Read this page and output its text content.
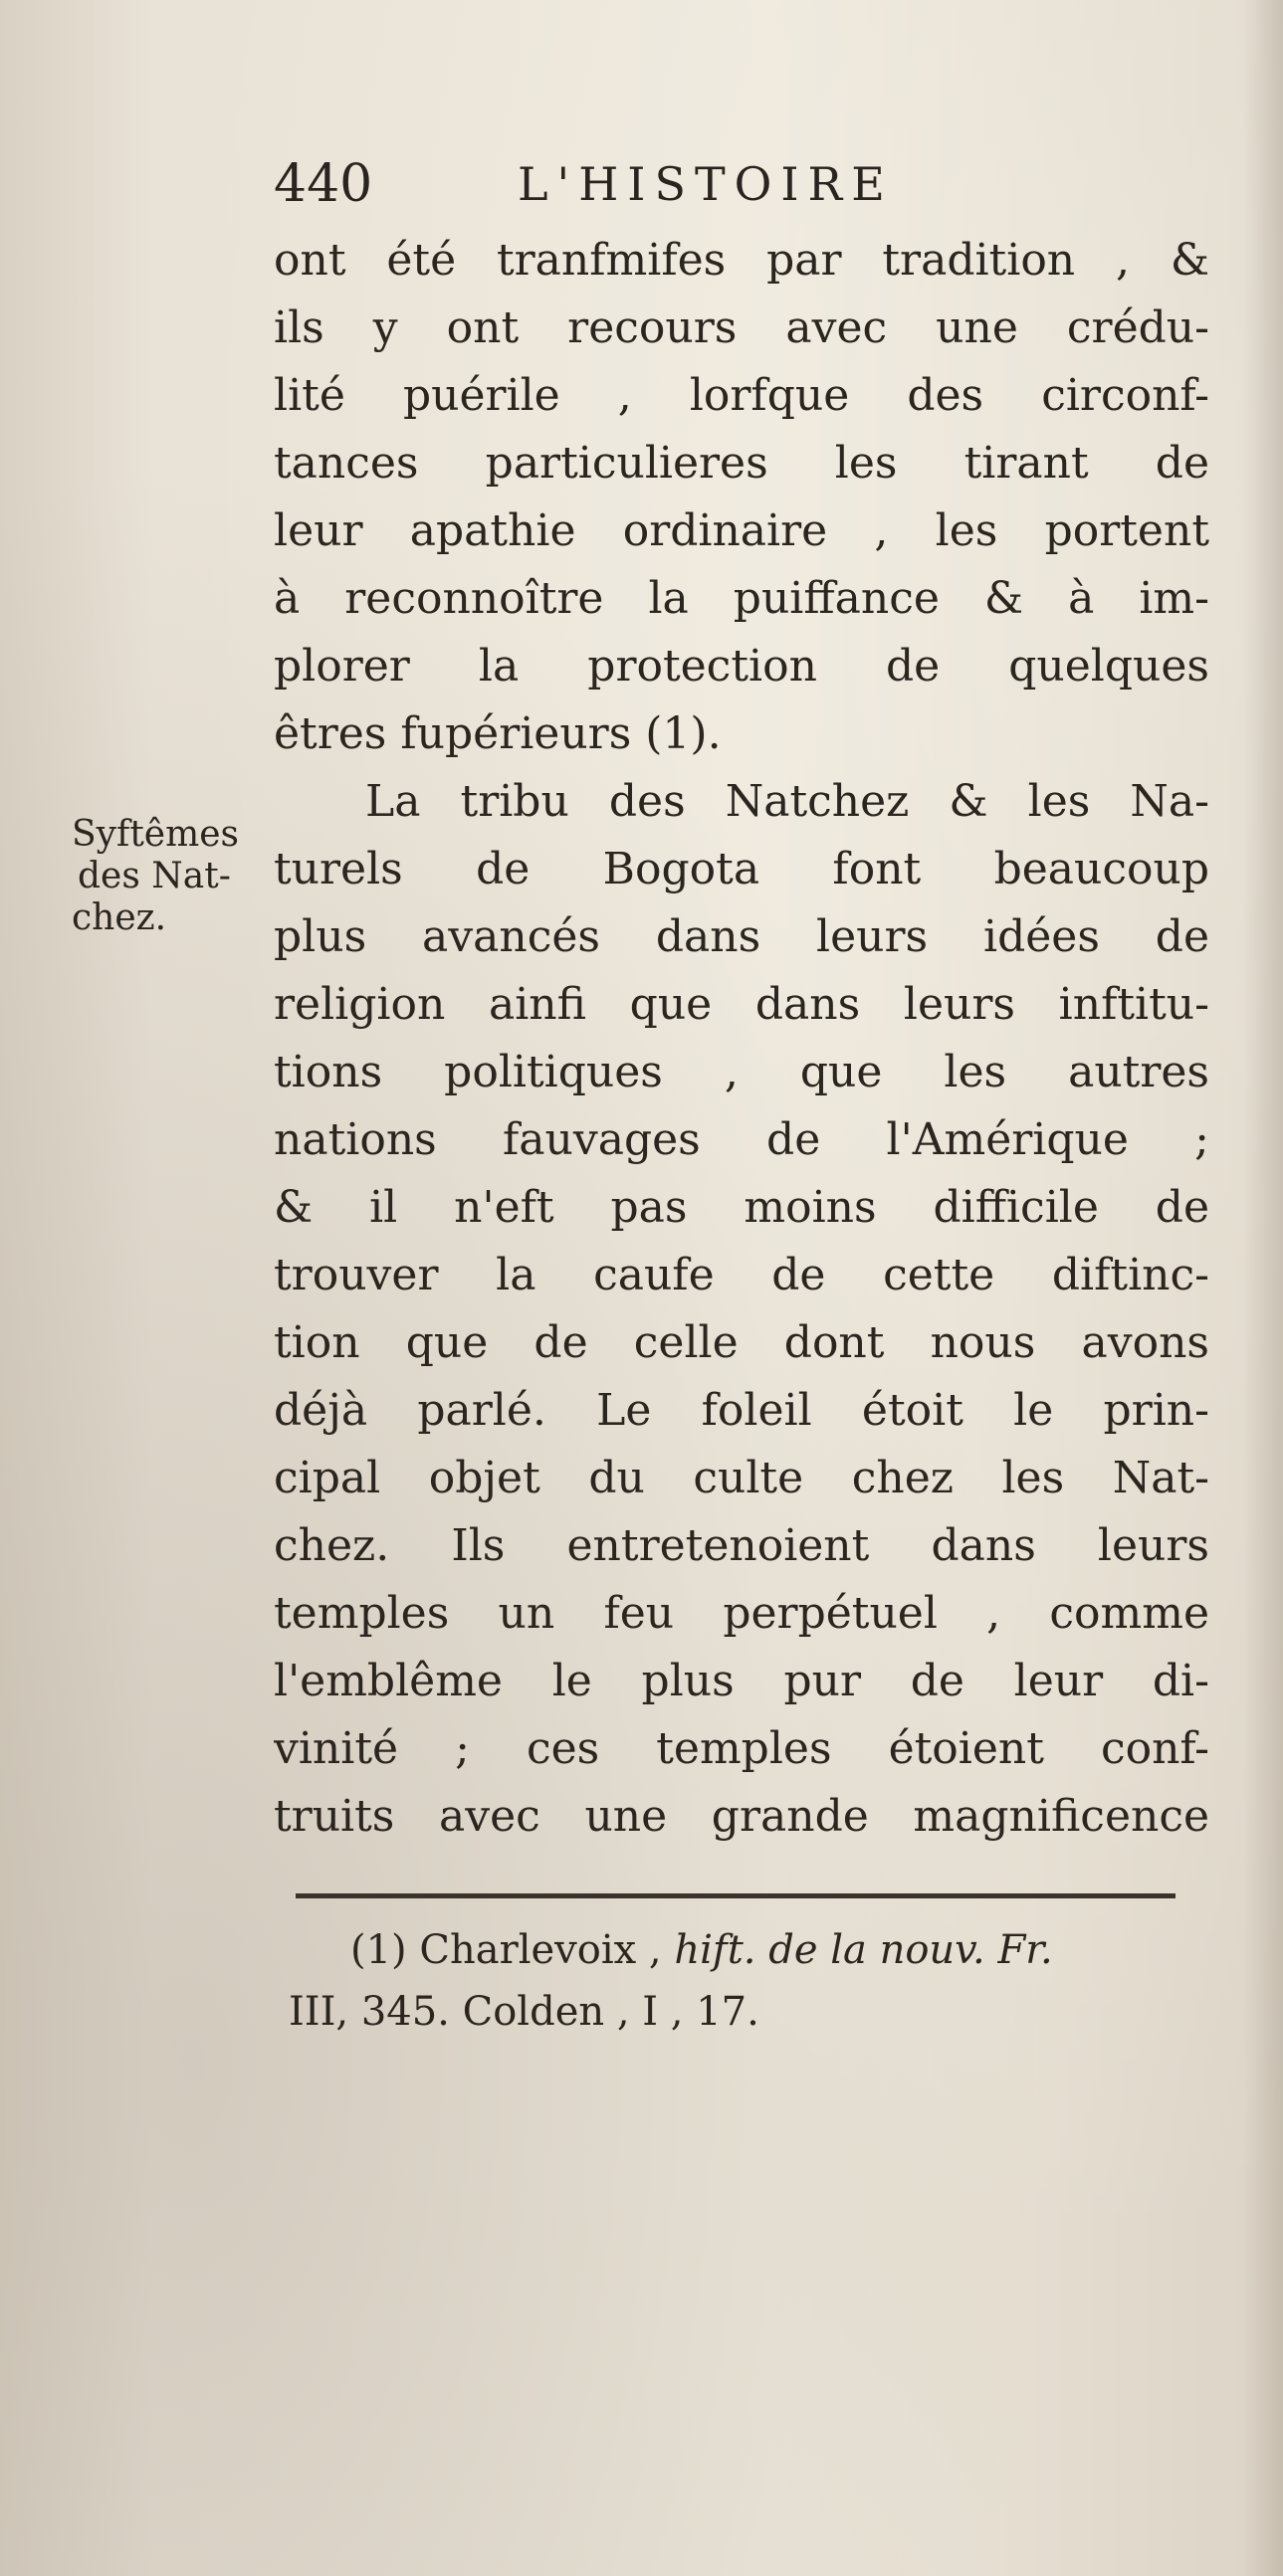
440	L'HISTOIRE
Syftêmes
des Nat-
chez.
ont été tranfmifes par tradition , &
ils y ont recours avec une crédu-
lité puérile , lorfque des circonf-
tances particulieres les tirant de
leur apathie ordinaire , les portent
à reconnoître la puiffance & à im-
plorer la protection de quelques
êtres fupérieurs (1).
La tribu des Natchez & les Na-
turels de Bogota font beaucoup
plus avancés dans leurs idées de
religion ainfi que dans leurs inftitu-
tions politiques , que les autres
nations fauvages de l'Amérique ;
& il n'eft pas moins difficile de
trouver la caufe de cette diftinc-
tion que de celle dont nous avons
déjà parlé. Le foleil étoit le prin-
cipal objet du culte chez les Nat-
chez. Ils entretenoient dans leurs
temples un feu perpétuel , comme
l'emblême le plus pur de leur di-
vinité ; ces temples étoient conf-
truits avec une grande magnificence
(1) Charlevoix , hift. de la nouv. Fr.
III, 345. Colden , I , 17.
